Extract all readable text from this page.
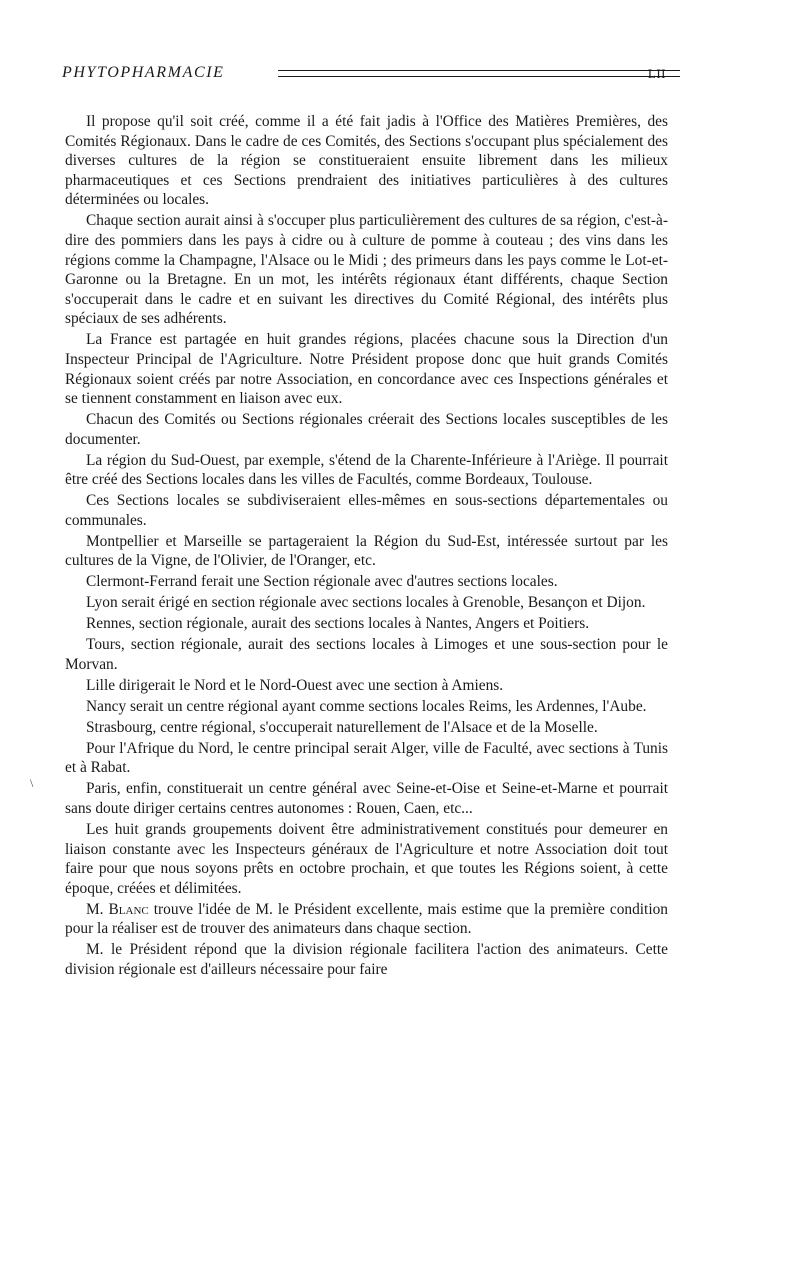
PHYTOPHARMACIE	LII
\

Il propose qu'il soit créé, comme il a été fait jadis à l'Office des Matières Premières, des Comités Régionaux. Dans le cadre de ces Comités, des Sections s'occupant plus spécialement des diverses cultures de la région se constitueraient ensuite librement dans les milieux pharmaceutiques et ces Sections prendraient des initiatives particulières à des cultures déterminées ou locales.

Chaque section aurait ainsi à s'occuper plus particulièrement des cultures de sa région, c'est-à-dire des pommiers dans les pays à cidre ou à culture de pomme à couteau ; des vins dans les régions comme la Champagne, l'Alsace ou le Midi ; des primeurs dans les pays comme le Lot-et-Garonne ou la Bretagne. En un mot, les intérêts régionaux étant différents, chaque Section s'occuperait dans le cadre et en suivant les directives du Comité Régional, des intérêts plus spéciaux de ses adhérents.

La France est partagée en huit grandes régions, placées chacune sous la Direction d'un Inspecteur Principal de l'Agriculture. Notre Président propose donc que huit grands Comités Régionaux soient créés par notre Association, en concordance avec ces Inspections générales et se tiennent constamment en liaison avec eux.

Chacun des Comités ou Sections régionales créerait des Sections locales susceptibles de les documenter.

La région du Sud-Ouest, par exemple, s'étend de la Charente-Inférieure à l'Ariège. Il pourrait être créé des Sections locales dans les villes de Facultés, comme Bordeaux, Toulouse.

Ces Sections locales se subdiviseraient elles-mêmes en sous-sections départementales ou communales.

Montpellier et Marseille se partageraient la Région du Sud-Est, intéressée surtout par les cultures de la Vigne, de l'Olivier, de l'Oranger, etc.

Clermont-Ferrand ferait une Section régionale avec d'autres sections locales.

Lyon serait érigé en section régionale avec sections locales à Grenoble, Besançon et Dijon.

Rennes, section régionale, aurait des sections locales à Nantes, Angers et Poitiers.

Tours, section régionale, aurait des sections locales à Limoges et une sous-section pour le Morvan.

Lille dirigerait le Nord et le Nord-Ouest avec une section à Amiens.

Nancy serait un centre régional ayant comme sections locales Reims, les Ardennes, l'Aube.

Strasbourg, centre régional, s'occuperait naturellement de l'Alsace et de la Moselle.

Pour l'Afrique du Nord, le centre principal serait Alger, ville de Faculté, avec sections à Tunis et à Rabat.

Paris, enfin, constituerait un centre général avec Seine-et-Oise et Seine-et-Marne et pourrait sans doute diriger certains centres autonomes : Rouen, Caen, etc...

Les huit grands groupements doivent être administrativement constitués pour demeurer en liaison constante avec les Inspecteurs généraux de l'Agriculture et notre Association doit tout faire pour que nous soyons prêts en octobre prochain, et que toutes les Régions soient, à cette époque, créées et délimitées.

M. Blanc trouve l'idée de M. le Président excellente, mais estime que la première condition pour la réaliser est de trouver des animateurs dans chaque section.

M. le Président répond que la division régionale facilitera l'action des animateurs. Cette division régionale est d'ailleurs nécessaire pour faire
